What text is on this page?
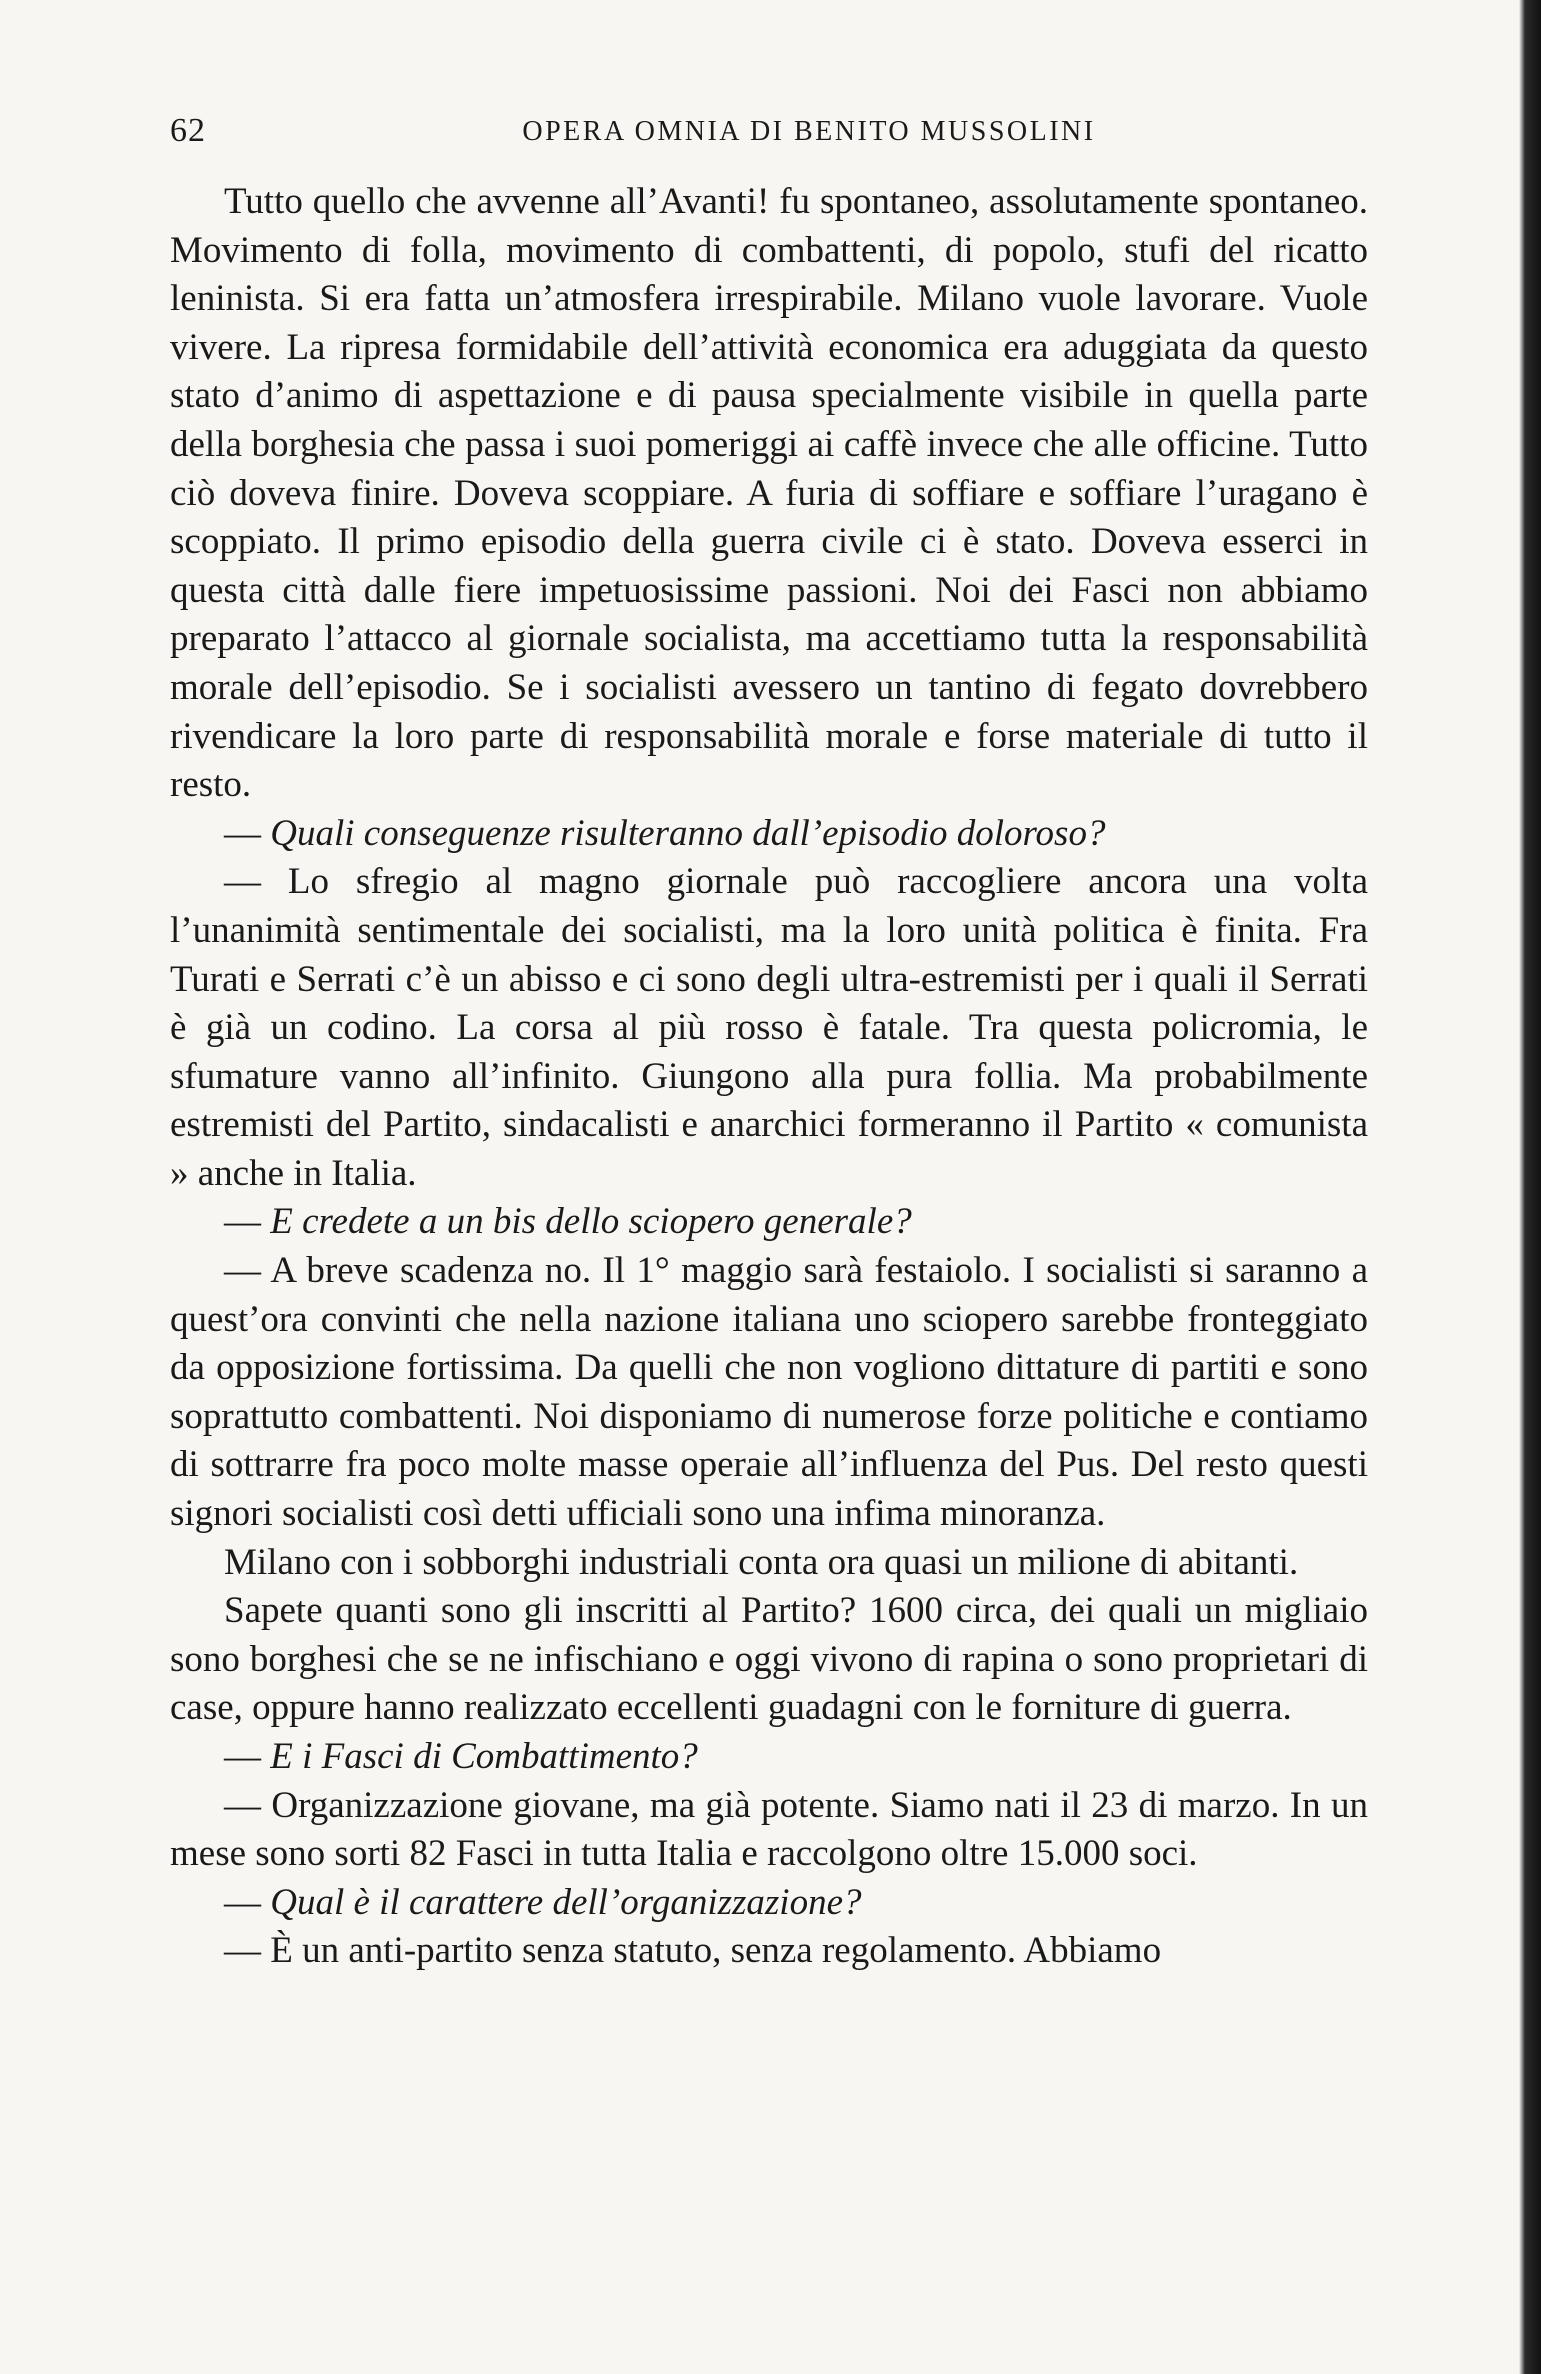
62	OPERA OMNIA DI BENITO MUSSOLINI

Tutto quello che avvenne all’Avanti! fu spontaneo, assolutamente spontaneo. Movimento di folla, movimento di combattenti, di popolo, stufi del ricatto leninista. Si era fatta un’atmosfera irrespirabile. Milano vuole lavorare. Vuole vivere. La ripresa formidabile dell’attività economica era aduggiata da questo stato d’animo di aspettazione e di pausa specialmente visibile in quella parte della borghesia che passa i suoi pomeriggi ai caffè invece che alle officine. Tutto ciò doveva finire. Doveva scoppiare. A furia di soffiare e soffiare l’uragano è scoppiato. Il primo episodio della guerra civile ci è stato. Doveva esserci in questa città dalle fiere impetuosissime passioni. Noi dei Fasci non abbiamo preparato l’attacco al giornale socialista, ma accettiamo tutta la responsabilità morale dell’episodio. Se i socialisti avessero un tantino di fegato dovrebbero rivendicare la loro parte di responsabilità morale e forse materiale di tutto il resto.

— Quali conseguenze risulteranno dall’episodio doloroso?

— Lo sfregio al magno giornale può raccogliere ancora una volta l’unanimità sentimentale dei socialisti, ma la loro unità politica è finita. Fra Turati e Serrati c’è un abisso e ci sono degli ultra-estremisti per i quali il Serrati è già un codino. La corsa al più rosso è fatale. Tra questa policromia, le sfumature vanno all’infinito. Giungono alla pura follia. Ma probabilmente estremisti del Partito, sindacalisti e anarchici formeranno il Partito « comunista » anche in Italia.

— E credete a un bis dello sciopero generale?

— A breve scadenza no. Il 1° maggio sarà festaiolo. I socialisti si saranno a quest’ora convinti che nella nazione italiana uno sciopero sarebbe fronteggiato da opposizione fortissima. Da quelli che non vogliono dittature di partiti e sono soprattutto combattenti. Noi disponiamo di numerose forze politiche e contiamo di sottrarre fra poco molte masse operaie all’influenza del Pus. Del resto questi signori socialisti così detti ufficiali sono una infima minoranza.

Milano con i sobborghi industriali conta ora quasi un milione di abitanti.

Sapete quanti sono gli inscritti al Partito? 1600 circa, dei quali un migliaio sono borghesi che se ne infischiano e oggi vivono di rapina o sono proprietari di case, oppure hanno realizzato eccellenti guadagni con le forniture di guerra.

— E i Fasci di Combattimento?

— Organizzazione giovane, ma già potente. Siamo nati il 23 di marzo. In un mese sono sorti 82 Fasci in tutta Italia e raccolgono oltre 15.000 soci.

— Qual è il carattere dell’organizzazione?

— È un anti-partito senza statuto, senza regolamento. Abbiamo
